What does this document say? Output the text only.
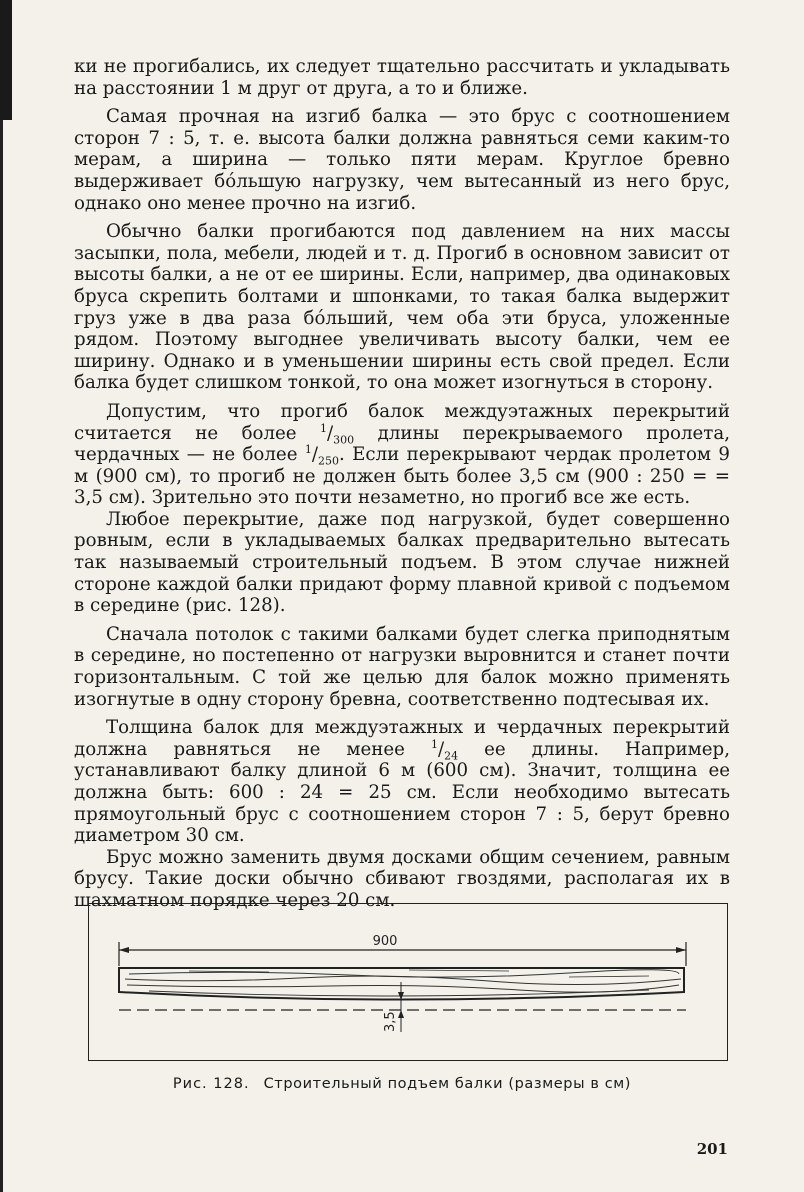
ки не прогибались, их следует тщательно рассчитать и укладывать на расстоянии 1 м друг от друга, а то и ближе.

Самая прочная на изгиб балка — это брус с соотношением сторон 7 : 5, т. е. высота балки должна равняться семи каким-то мерам, а ширина — только пяти мерам. Круглое бревно выдерживает бо́льшую нагрузку, чем вытесанный из него брус, однако оно менее прочно на изгиб.

Обычно балки прогибаются под давлением на них массы засыпки, пола, мебели, людей и т. д. Прогиб в основном зависит от высоты балки, а не от ее ширины. Если, например, два одинаковых бруса скрепить болтами и шпонками, то такая балка выдержит груз уже в два раза бо́льший, чем оба эти бруса, уложенные рядом. Поэтому выгоднее увеличивать высоту балки, чем ее ширину. Однако и в уменьшении ширины есть свой предел. Если балка будет слишком тонкой, то она может изогнуться в сторону.

Допустим, что прогиб балок междуэтажных перекрытий считается не более $^1/_{300}$ длины перекрываемого пролета, чердачных — не более $^1/_{250}$. Если перекрывают чердак пролетом 9 м (900 см), то прогиб не должен быть более 3,5 см (900 : 250 = = 3,5 см). Зрительно это почти незаметно, но прогиб все же есть.

Любое перекрытие, даже под нагрузкой, будет совершенно ровным, если в укладываемых балках предварительно вытесать так называемый строительный подъем. В этом случае нижней стороне каждой балки придают форму плавной кривой с подъемом в середине (рис. 128).

Сначала потолок с такими балками будет слегка приподнятым в середине, но постепенно от нагрузки выровнится и станет почти горизонтальным. С той же целью для балок можно применять изогнутые в одну сторону бревна, соответственно подтесывая их.

Толщина балок для междуэтажных и чердачных перекрытий должна равняться не менее $^1/_{24}$ ее длины. Например, устанавливают балку длиной 6 м (600 см). Значит, толщина ее должна быть: 600 : 24 = 25 см. Если необходимо вытесать прямоугольный брус с соотношением сторон 7 : 5, берут бревно диаметром 30 см.

Брус можно заменить двумя досками общим сечением, равным брусу. Такие доски обычно сбивают гвоздями, располагая их в шахматном порядке через 20 см.

900
3,5
Рис. 128. Строительный подъем балки (размеры в см)
201
